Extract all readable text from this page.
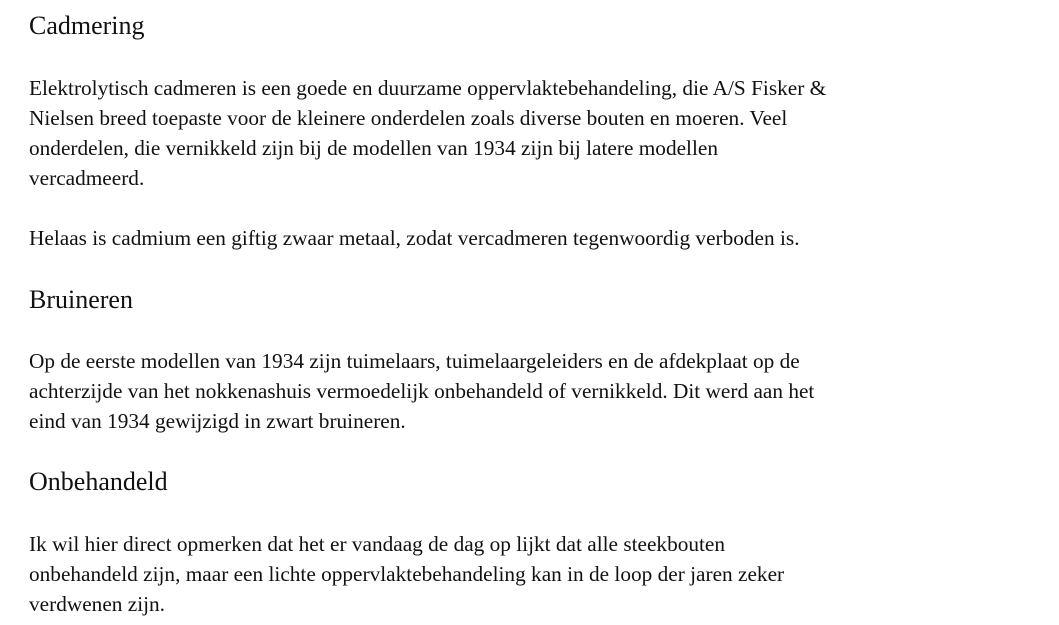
Cadmering

Elektrolytisch cadmeren is een goede en duurzame oppervlaktebehandeling, die A/S Fisker &
Nielsen breed toepaste voor de kleinere onderdelen zoals diverse bouten en moeren. Veel
onderdelen, die vernikkeld zijn bij de modellen van 1934 zijn bij latere modellen
vercadmeerd.

Helaas is cadmium een giftig zwaar metaal, zodat vercadmeren tegenwoordig verboden is.

Bruineren

Op de eerste modellen van 1934 zijn tuimelaars, tuimelaargeleiders en de afdekplaat op de
achterzijde van het nokkenashuis vermoedelijk onbehandeld of vernikkeld. Dit werd aan het
eind van 1934 gewijzigd in zwart bruineren.

Onbehandeld

Ik wil hier direct opmerken dat het er vandaag de dag op lijkt dat alle steekbouten
onbehandeld zijn, maar een lichte oppervlaktebehandeling kan in de loop der jaren zeker
verdwenen zijn.
